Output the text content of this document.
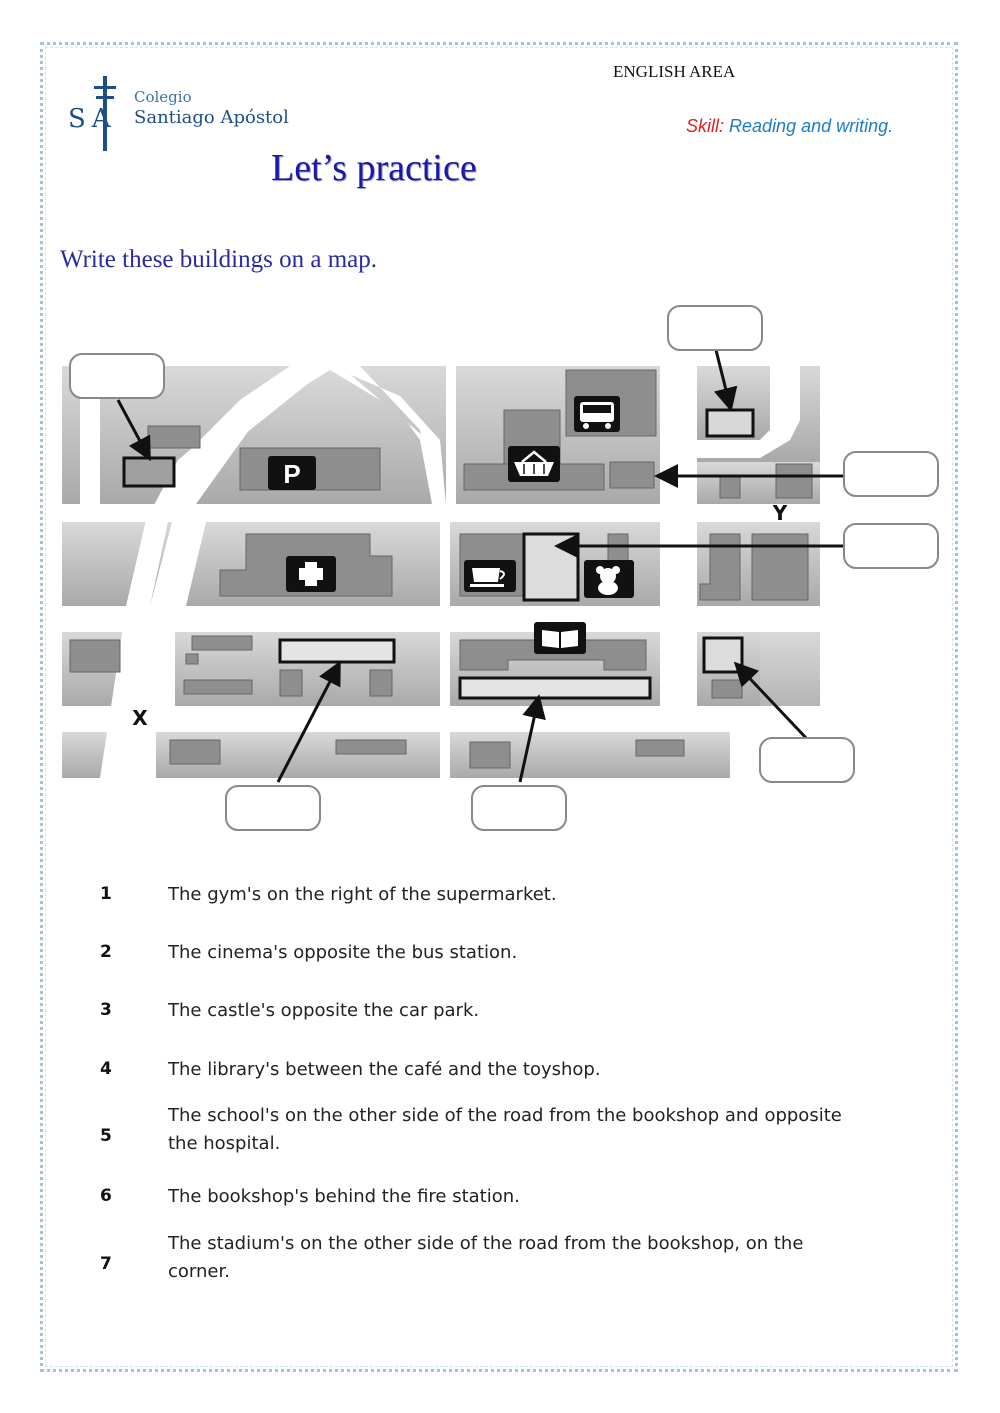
SA
Colegio
Santiago Apóstol
ENGLISH AREA
Skill: Reading and writing.
Let’s practice
Write these buildings on a map.
P
X
Y
1	The gym's on the right of the supermarket.
2	The cinema's opposite the bus station.
3	The castle's opposite the car park.
4	The library's between the café and the toyshop.
5
The school's on the other side of the road from the bookshop and opposite the hospital.
6	The bookshop's behind the fire station.
7
The stadium's on the other side of the road from the bookshop, on the corner.
